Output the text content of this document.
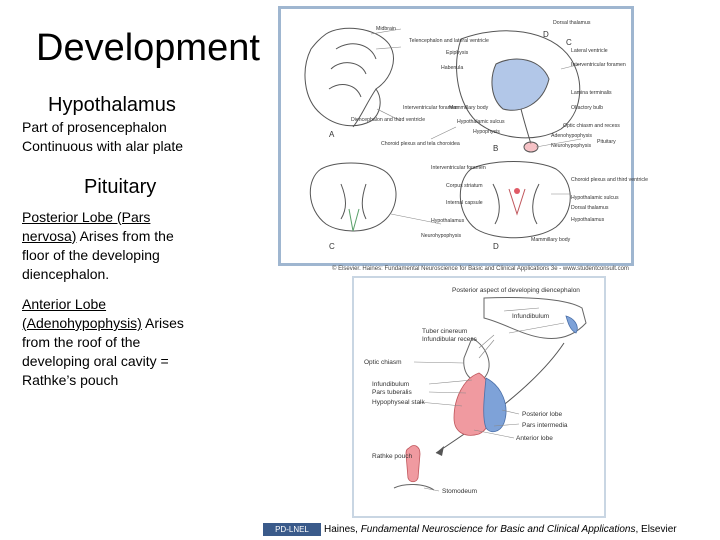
Development
Hypothalamus
Part of prosencephalon
Continuous with alar plate
Pituitary
Posterior Lobe (Pars
nervosa) Arises from the
floor of the developing
diencephalon.
Anterior Lobe
(Adenohypophysis) Arises
from the roof of the
developing oral cavity =
Rathke’s pouch
A
B
C	D
D
C
Midbrain
Telencephalon and lateral ventricle
Epiphysis
Habenula
Interventricular foramen
Mammillary body
Diencephalon and third ventricle	Hypothalamic sulcus
Hypophysis
Choroid plexus and tela choroidea
Interventricular foramen
Corpus striatum
Internal capsule
Hypothalamus
Neurohypophysis
Dorsal thalamus
Lateral ventricle
Interventricular foramen
Lamina terminalis
Olfactory bulb
Optic chiasm and recess
Adenohypophysis
Neurohypophysis
Pituitary
Choroid plexus and third ventricle
Hypothalamic sulcus
Dorsal thalamus
Hypothalamus
Mammillary body
© Elsevier. Haines: Fundamental Neuroscience for Basic and Clinical Applications 3e - www.studentconsult.com
Posterior aspect of developing diencephalon
Infundibulum
Tuber cinereum
Infundibular recess
Optic chiasm
Infundibulum
Pars tuberalis
Hypophyseal stalk
Posterior lobe
Pars intermedia
Anterior lobe
Rathke pouch
Stomodeum
PD-LNEL	Haines, Fundamental Neuroscience for Basic and Clinical Applications, Elsevier
